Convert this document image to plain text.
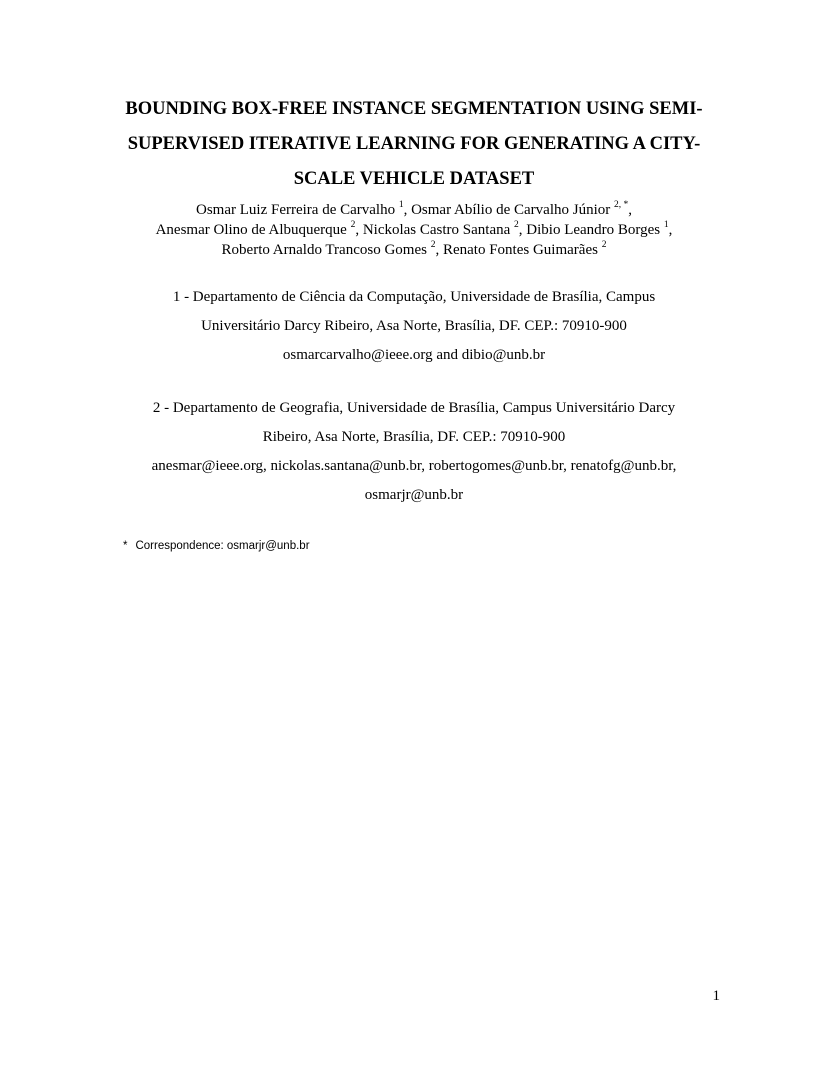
BOUNDING BOX-FREE INSTANCE SEGMENTATION USING SEMI-
SUPERVISED ITERATIVE LEARNING FOR GENERATING A CITY-
SCALE VEHICLE DATASET
Osmar Luiz Ferreira de Carvalho $^1$, Osmar Abílio de Carvalho Júnior $^{2, *}$,
Anesmar Olino de Albuquerque $^2$, Nickolas Castro Santana $^2$, Dibio Leandro Borges $^1$,
Roberto Arnaldo Trancoso Gomes $^2$, Renato Fontes Guimarães $^2$
1 - Departamento de Ciência da Computação, Universidade de Brasília, Campus
Universitário Darcy Ribeiro, Asa Norte, Brasília, DF. CEP.: 70910-900
osmarcarvalho@ieee.org and dibio@unb.br
2 - Departamento de Geografia, Universidade de Brasília, Campus Universitário Darcy
Ribeiro, Asa Norte, Brasília, DF. CEP.: 70910-900
anesmar@ieee.org, nickolas.santana@unb.br, robertogomes@unb.br, renatofg@unb.br,
osmarjr@unb.br
* Correspondence: osmarjr@unb.br
1
